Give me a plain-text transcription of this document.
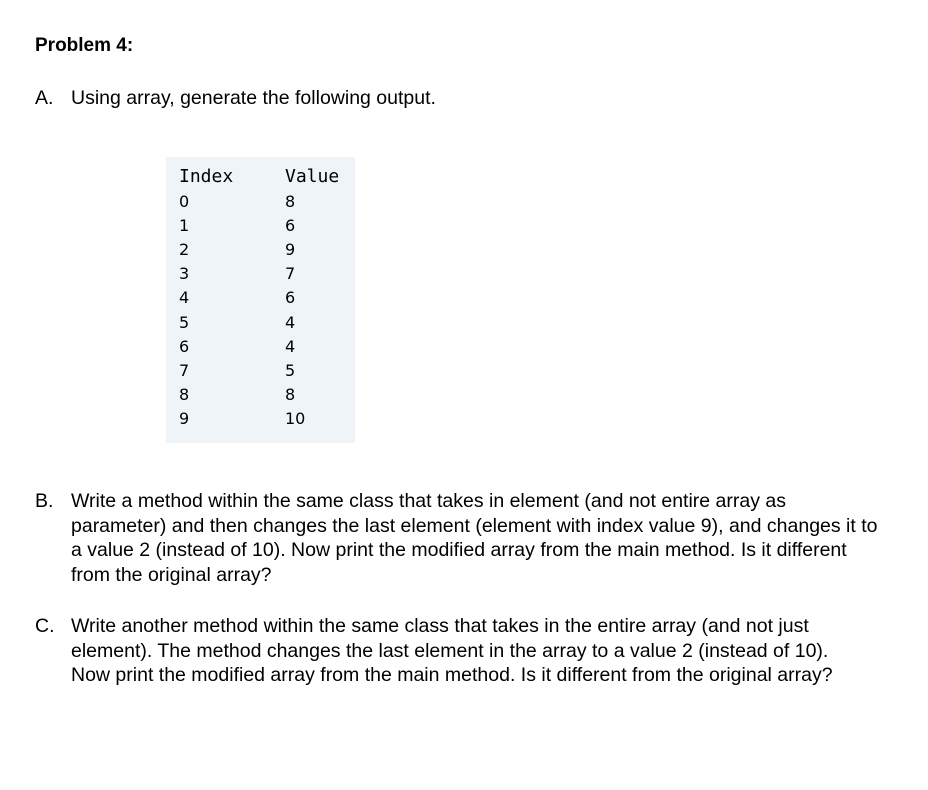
Problem 4:
A. Using array, generate the following output.
Index	Value
0	8
1	6
2	9
3	7
4	6
5	4
6	4
7	5
8	8
9	10
B. Write a method within the same class that takes in element (and not entire array as parameter) and then changes the last element (element with index value 9), and changes it to a value 2 (instead of 10). Now print the modified array from the main method. Is it different from the original array?
C. Write another method within the same class that takes in the entire array (and not just element). The method changes the last element in the array to a value 2 (instead of 10). Now print the modified array from the main method. Is it different from the original array?
